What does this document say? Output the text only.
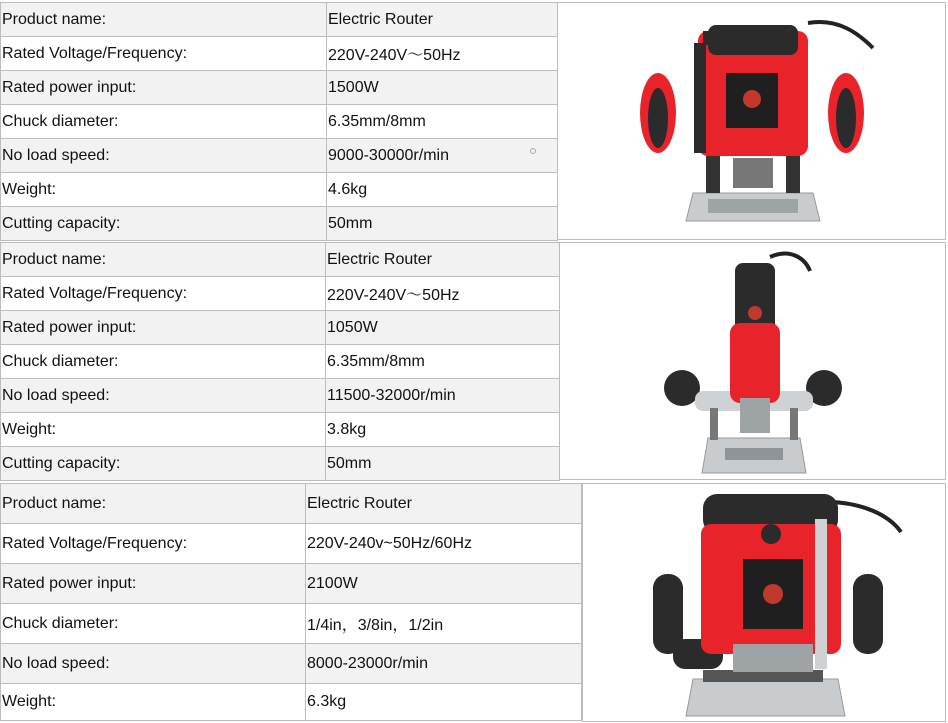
Product name:	Electric Router
Rated Voltage/Frequency:	220V-240V～50Hz
Rated power input:	1500W
Chuck diameter:	6.35mm/8mm
No load speed:	9000-30000r/min
Weight:	4.6kg
Cutting capacity:	50mm
Product name:	Electric Router
Rated Voltage/Frequency:	220V-240V～50Hz
Rated power input:	1050W
Chuck diameter:	6.35mm/8mm
No load speed:	11500-32000r/min
Weight:	3.8kg
Cutting capacity:	50mm
Product name:	Electric Router
Rated Voltage/Frequency:	220V-240v~50Hz/60Hz
Rated power input:	2100W
Chuck diameter:	1/4in，3/8in，1/2in
No load speed:	8000-23000r/min
Weight:	6.3kg
